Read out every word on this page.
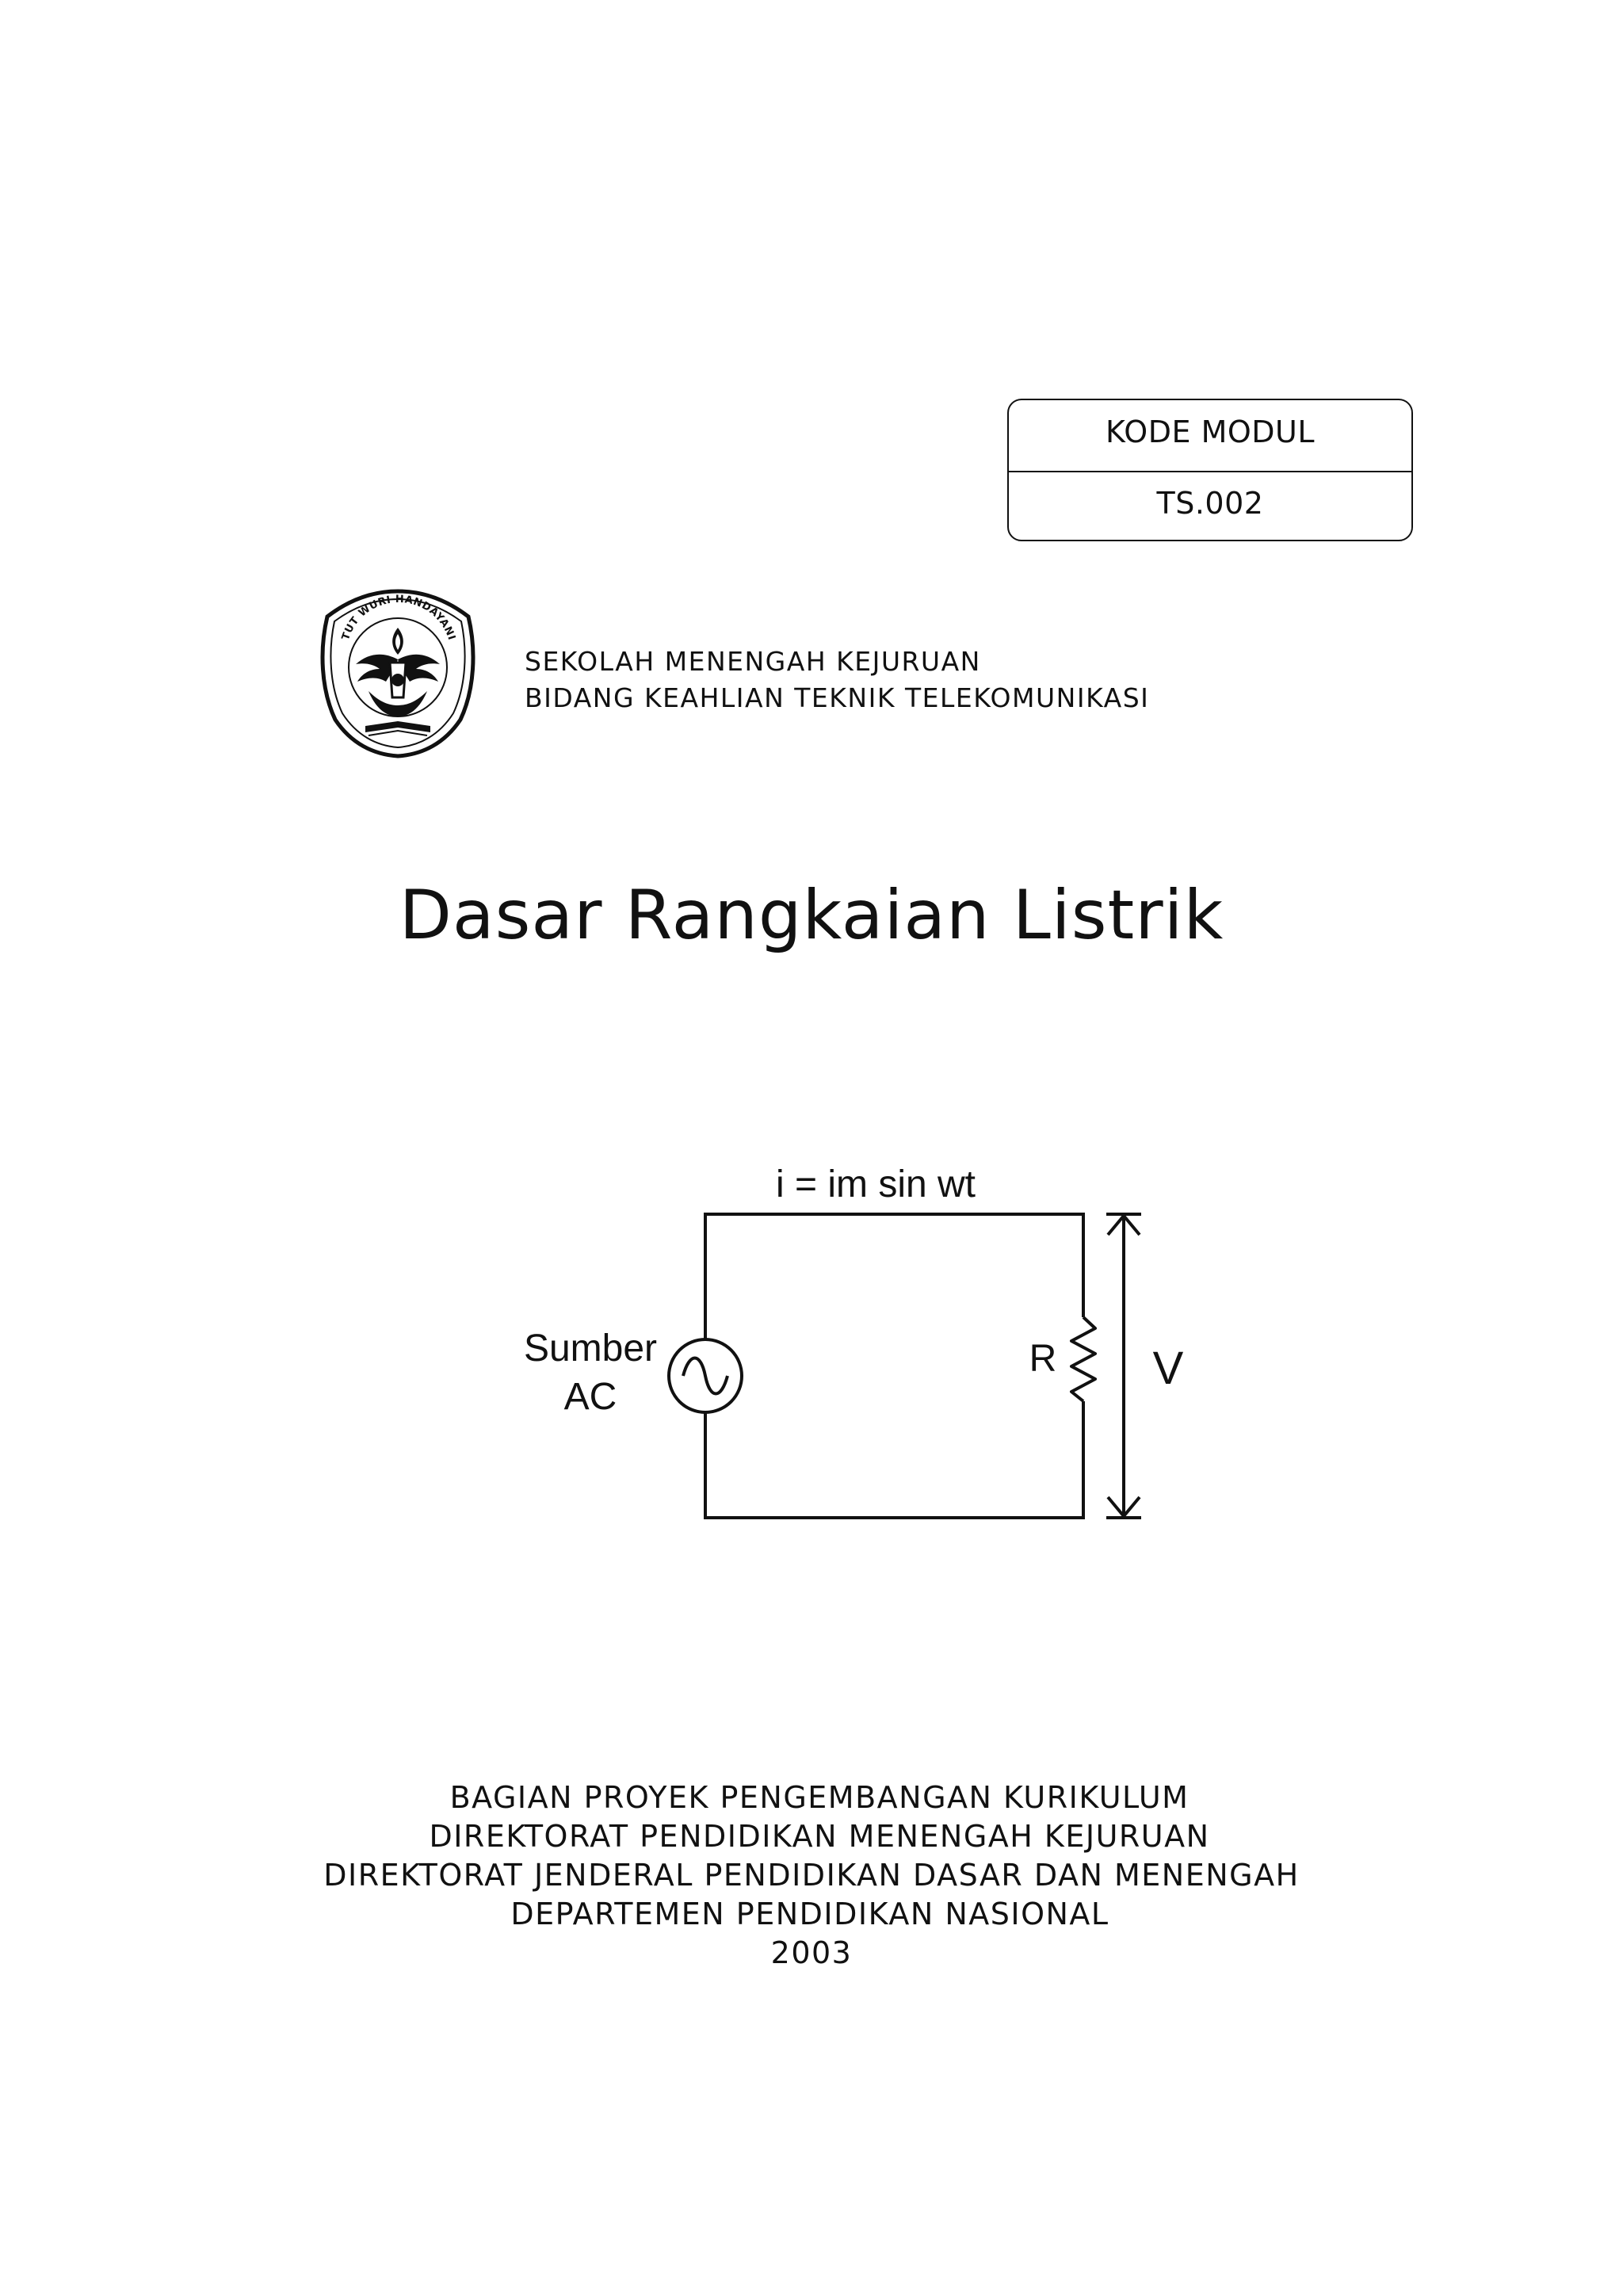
KODE MODUL
TS.002
TUT WURI HANDAYANI
SEKOLAH MENENGAH KEJURUAN
BIDANG KEAHLIAN TEKNIK TELEKOMUNIKASI
Dasar Rangkaian Listrik
i = im sin wt
Sumber
AC
R V
BAGIAN PROYEK PENGEMBANGAN KURIKULUM
DIREKTORAT PENDIDIKAN MENENGAH KEJURUAN
DIREKTORAT JENDERAL PENDIDIKAN DASAR DAN MENENGAH
DEPARTEMEN PENDIDIKAN NASIONAL
2003
